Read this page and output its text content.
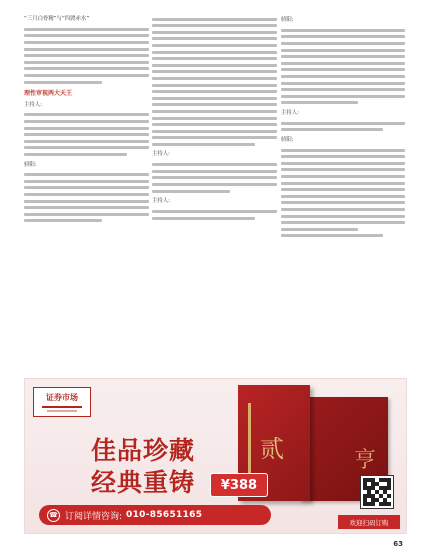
“三月白骨精”与“四渡赤水”
理性审视两大天王
主持人:
骄阳:
主持人:
主持人:
骄阳:
主持人:
骄阳:
证券市场
佳品珍藏
经典重铸
亨
贰
¥388
☎ 订阅详情咨询: 010-85651165
欢迎扫码订购
63
